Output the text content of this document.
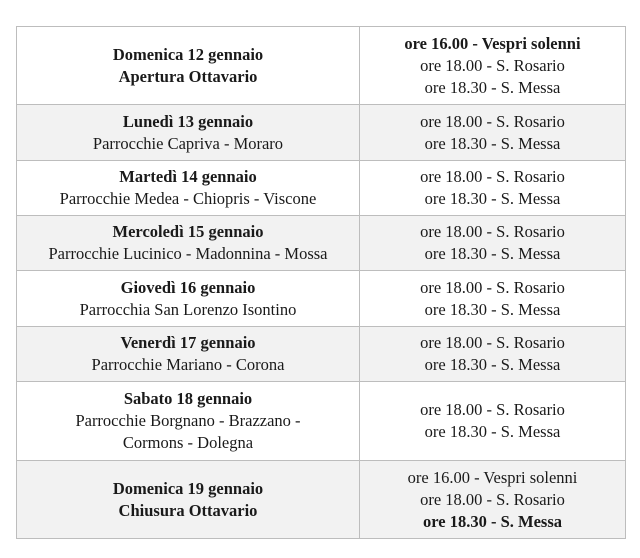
Domenica 12 gennaio
Apertura Ottavario	ore 16.00 - Vespri solenni
ore 18.00 - S. Rosario
ore 18.30 - S. Messa

Lunedì 13 gennaio
Parrocchie Capriva - Moraro	ore 18.00 - S. Rosario
ore 18.30 - S. Messa

Martedì 14 gennaio
Parrocchie Medea - Chiopris - Viscone	ore 18.00 - S. Rosario
ore 18.30 - S. Messa

Mercoledì 15 gennaio
Parrocchie Lucinico - Madonnina - Mossa	ore 18.00 - S. Rosario
ore 18.30 - S. Messa

Giovedì 16 gennaio
Parrocchia San Lorenzo Isontino	ore 18.00 - S. Rosario
ore 18.30 - S. Messa

Venerdì 17 gennaio
Parrocchie Mariano - Corona	ore 18.00 - S. Rosario
ore 18.30 - S. Messa

Sabato 18 gennaio
Parrocchie Borgnano - Brazzano -
Cormons - Dolegna	ore 18.00 - S. Rosario
ore 18.30 - S. Messa

Domenica 19 gennaio
Chiusura Ottavario	ore 16.00 - Vespri solenni
ore 18.00 - S. Rosario
ore 18.30 - S. Messa
